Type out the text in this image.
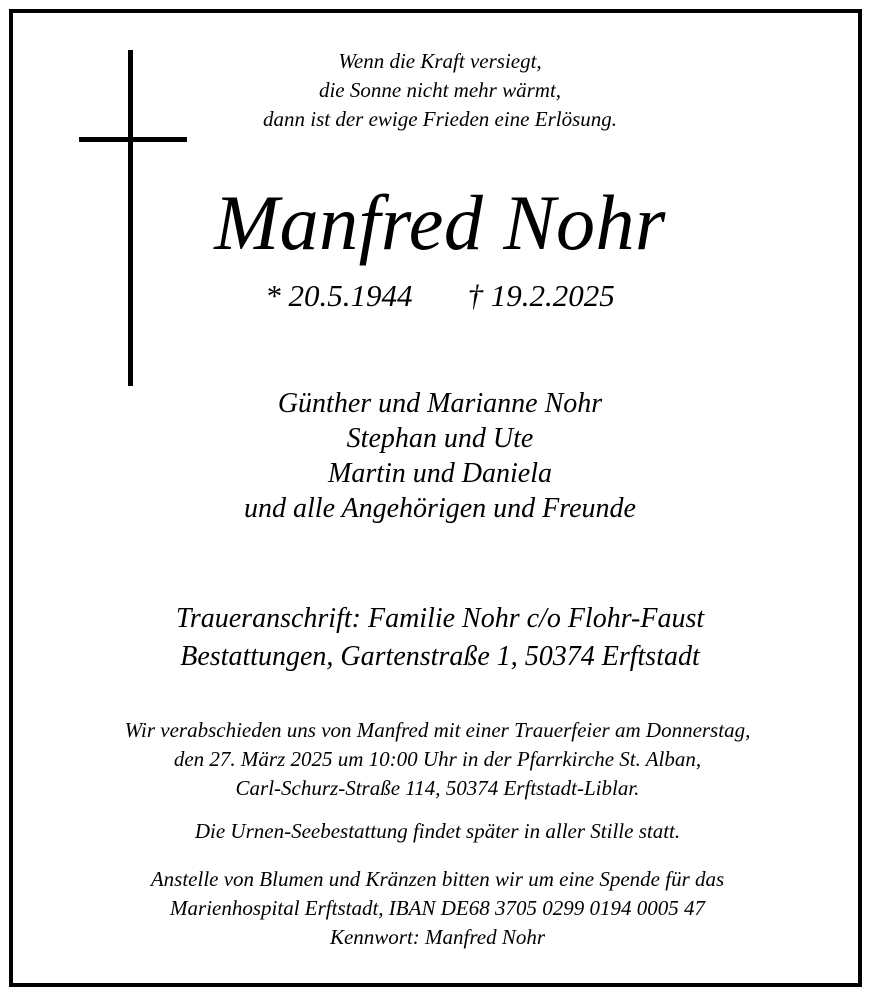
Wenn die Kraft versiegt,
die Sonne nicht mehr wärmt,
dann ist der ewige Frieden eine Erlösung.
Manfred Nohr
* 20.5.1944 † 19.2.2025
Günther und Marianne Nohr
Stephan und Ute
Martin und Daniela
und alle Angehörigen und Freunde
Traueranschrift: Familie Nohr c/o Flohr-Faust
Bestattungen, Gartenstraße 1, 50374 Erftstadt
Wir verabschieden uns von Manfred mit einer Trauerfeier am Donnerstag,
den 27. März 2025 um 10:00 Uhr in der Pfarrkirche St. Alban,
Carl-Schurz-Straße 114, 50374 Erftstadt-Liblar.
Die Urnen-Seebestattung findet später in aller Stille statt.
Anstelle von Blumen und Kränzen bitten wir um eine Spende für das
Marienhospital Erftstadt, IBAN DE68 3705 0299 0194 0005 47
Kennwort: Manfred Nohr
